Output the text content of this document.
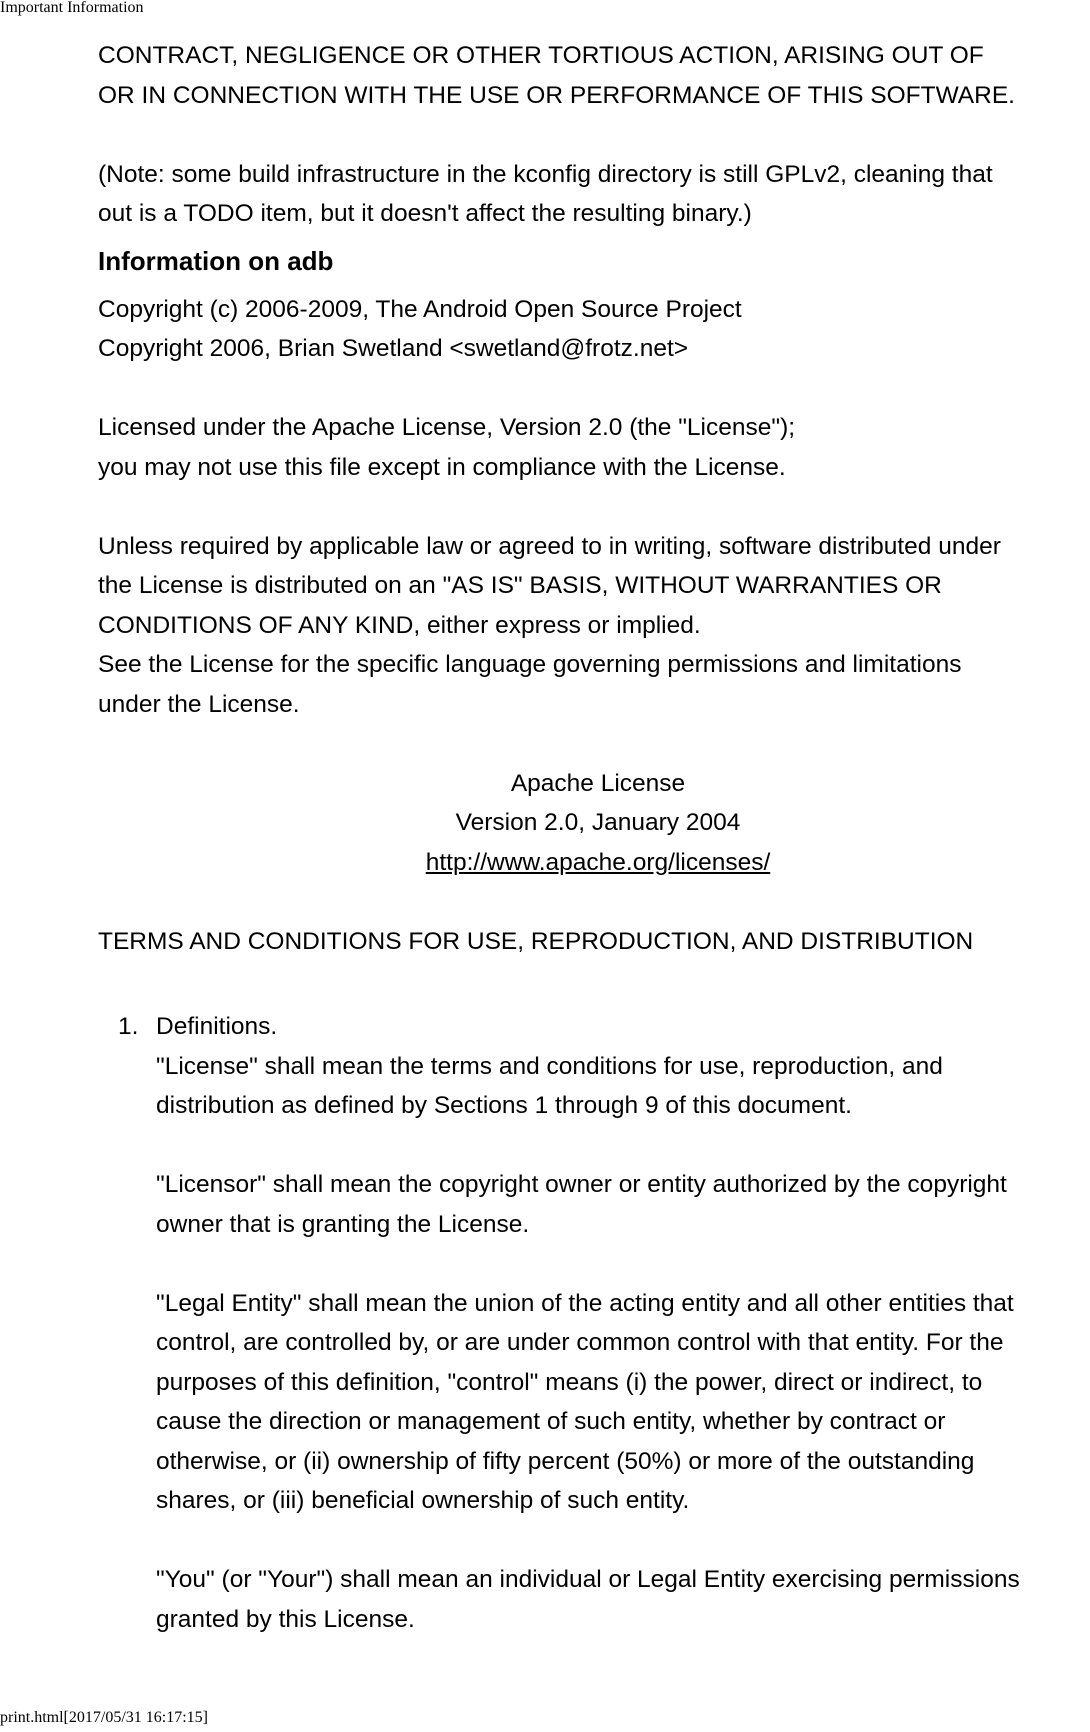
Important Information

CONTRACT, NEGLIGENCE OR OTHER TORTIOUS ACTION, ARISING OUT OF

OR IN CONNECTION WITH THE USE OR PERFORMANCE OF THIS SOFTWARE.

(Note: some build infrastructure in the kconfig directory is still GPLv2, cleaning that

out is a TODO item, but it doesn't affect the resulting binary.)

Information on adb

Copyright (c) 2006-2009, The Android Open Source Project

Copyright 2006, Brian Swetland <swetland@frotz.net>

Licensed under the Apache License, Version 2.0 (the "License");

you may not use this file except in compliance with the License.

Unless required by applicable law or agreed to in writing, software distributed under

the License is distributed on an "AS IS" BASIS, WITHOUT WARRANTIES OR

CONDITIONS OF ANY KIND, either express or implied.

See the License for the specific language governing permissions and limitations

under the License.

Apache License

Version 2.0, January 2004

http://www.apache.org/licenses/

TERMS AND CONDITIONS FOR USE, REPRODUCTION, AND DISTRIBUTION

1. Definitions.

"License" shall mean the terms and conditions for use, reproduction, and

distribution as defined by Sections 1 through 9 of this document.

"Licensor" shall mean the copyright owner or entity authorized by the copyright

owner that is granting the License.

"Legal Entity" shall mean the union of the acting entity and all other entities that

control, are controlled by, or are under common control with that entity. For the

purposes of this definition, "control" means (i) the power, direct or indirect, to

cause the direction or management of such entity, whether by contract or

otherwise, or (ii) ownership of fifty percent (50%) or more of the outstanding

shares, or (iii) beneficial ownership of such entity.

"You" (or "Your") shall mean an individual or Legal Entity exercising permissions

granted by this License.

print.html[2017/05/31 16:17:15]
